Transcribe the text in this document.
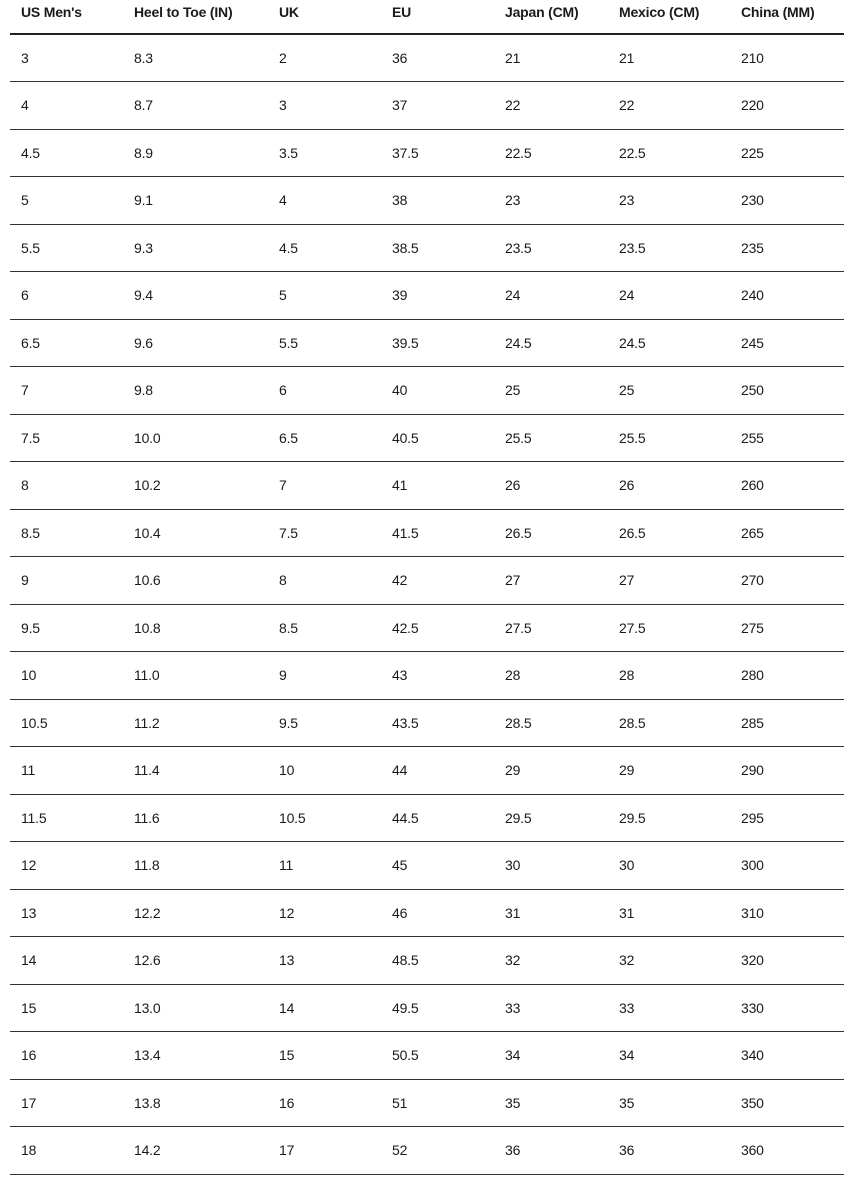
US Men's	Heel to Toe (IN)	UK	EU	Japan (CM)	Mexico (CM)	China (MM)
3	8.3	2	36	21	21	210
4	8.7	3	37	22	22	220
4.5	8.9	3.5	37.5	22.5	22.5	225
5	9.1	4	38	23	23	230
5.5	9.3	4.5	38.5	23.5	23.5	235
6	9.4	5	39	24	24	240
6.5	9.6	5.5	39.5	24.5	24.5	245
7	9.8	6	40	25	25	250
7.5	10.0	6.5	40.5	25.5	25.5	255
8	10.2	7	41	26	26	260
8.5	10.4	7.5	41.5	26.5	26.5	265
9	10.6	8	42	27	27	270
9.5	10.8	8.5	42.5	27.5	27.5	275
10	11.0	9	43	28	28	280
10.5	11.2	9.5	43.5	28.5	28.5	285
11	11.4	10	44	29	29	290
11.5	11.6	10.5	44.5	29.5	29.5	295
12	11.8	11	45	30	30	300
13	12.2	12	46	31	31	310
14	12.6	13	48.5	32	32	320
15	13.0	14	49.5	33	33	330
16	13.4	15	50.5	34	34	340
17	13.8	16	51	35	35	350
18	14.2	17	52	36	36	360
